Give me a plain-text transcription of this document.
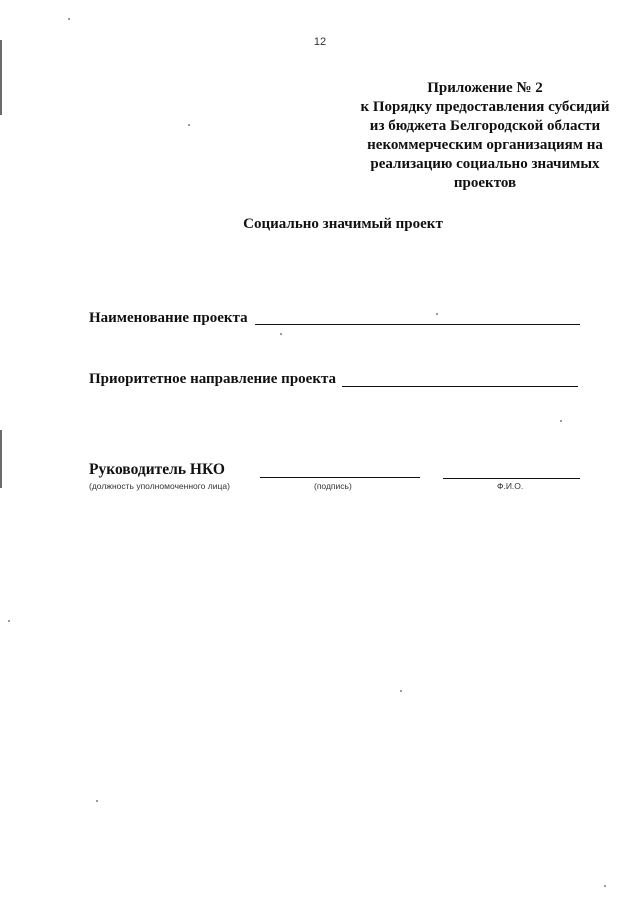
12
Приложение № 2
к Порядку предоставления субсидий
из бюджета Белгородской области
некоммерческим организациям на
реализацию социально значимых
проектов
Социально значимый проект
Наименование проекта
Приоритетное направление проекта
Руководитель НКО
(должность уполномоченного лица)	(подпись)	Ф.И.О.
